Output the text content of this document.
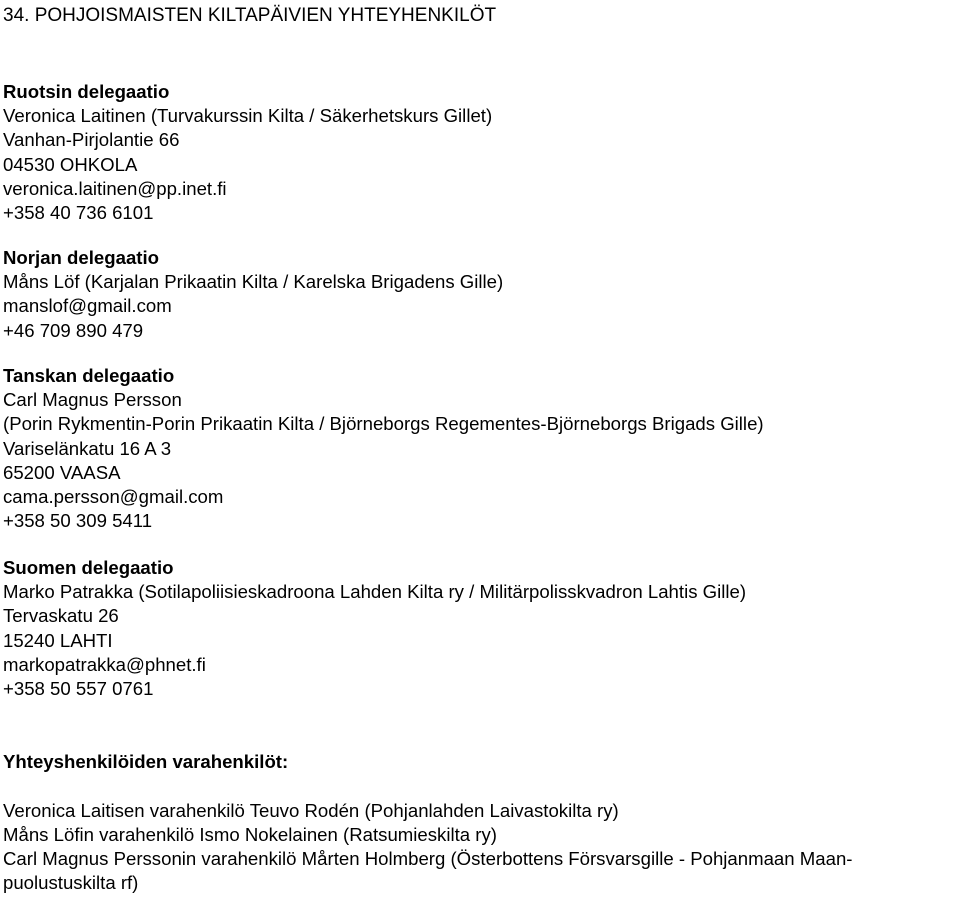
34. POHJOISMAISTEN KILTAPÄIVIEN YHTEYHENKILÖT
Ruotsin delegaatio
Veronica Laitinen (Turvakurssin Kilta / Säkerhetskurs Gillet)
Vanhan-Pirjolantie 66
04530 OHKOLA
veronica.laitinen@pp.inet.fi
+358 40 736 6101
Norjan delegaatio
Måns Löf (Karjalan Prikaatin Kilta / Karelska Brigadens Gille)
manslof@gmail.com
+46 709 890 479
Tanskan delegaatio
Carl Magnus Persson
(Porin Rykmentin-Porin Prikaatin Kilta / Björneborgs Regementes-Björneborgs Brigads Gille)
Variselänkatu 16 A 3
65200 VAASA
cama.persson@gmail.com
+358 50 309 5411
Suomen delegaatio
Marko Patrakka (Sotilapoliisieskadroona Lahden Kilta ry / Militärpolisskvadron Lahtis Gille)
Tervaskatu 26
15240 LAHTI
markopatrakka@phnet.fi
+358 50 557 0761
Yhteyshenkilöiden varahenkilöt:
Veronica Laitisen varahenkilö Teuvo Rodén (Pohjanlahden Laivastokilta ry)
Måns Löfin varahenkilö Ismo Nokelainen (Ratsumieskilta ry)
Carl Magnus Perssonin varahenkilö Mårten Holmberg (Österbottens Försvarsgille - Pohjanmaan Maan-
puolustuskilta rf)
